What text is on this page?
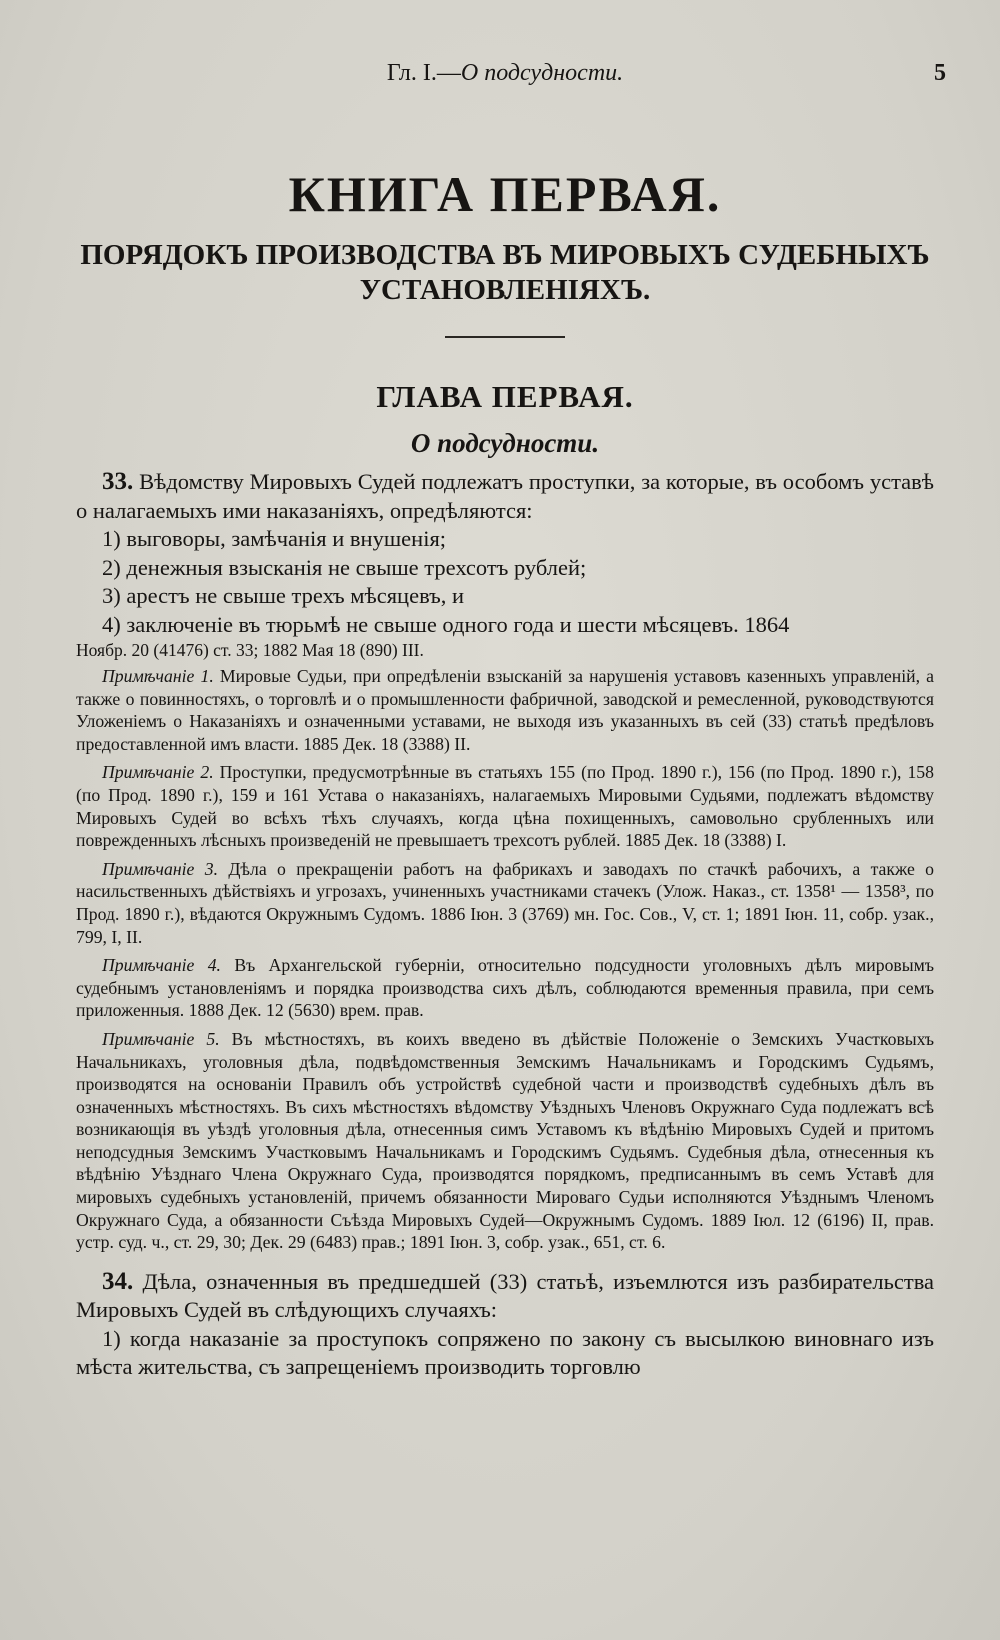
Гл. I.—О подсудности.	5
КНИГА ПЕРВАЯ.
ПОРЯДОКЪ ПРОИЗВОДСТВА ВЪ МИРОВЫХЪ СУДЕБНЫХЪ
УСТАНОВЛЕНІЯХЪ.
ГЛАВА ПЕРВАЯ.
О подсудности.

33. Вѣдомству Мировыхъ Судей подлежатъ проступки, за которые, въ особомъ уставѣ о налагаемыхъ ими наказаніяхъ, опредѣляются:

1) выговоры, замѣчанія и внушенія;
2) денежныя взысканія не свыше трехсотъ рублей;
3) арестъ не свыше трехъ мѣсяцевъ, и
4) заключеніе въ тюрьмѣ не свыше одного года и шести мѣсяцевъ. 1864
Ноябр. 20 (41476) ст. 33; 1882 Мая 18 (890) III.

Примѣчаніе 1. Мировые Судьи, при опредѣленіи взысканій за нарушенія уставовъ казенныхъ управленій, а также о повинностяхъ, о торговлѣ и о промышленности фабричной, заводской и ремесленной, руководствуются Уложеніемъ о Наказаніяхъ и означенными уставами, не выходя изъ указанныхъ въ сей (33) статьѣ предѣловъ предоставленной имъ власти. 1885 Дек. 18 (3388) II.

Примѣчаніе 2. Проступки, предусмотрѣнные въ статьяхъ 155 (по Прод. 1890 г.), 156 (по Прод. 1890 г.), 158 (по Прод. 1890 г.), 159 и 161 Устава о наказаніяхъ, налагаемыхъ Мировыми Судьями, подлежатъ вѣдомству Мировыхъ Судей во всѣхъ тѣхъ случаяхъ, когда цѣна похищенныхъ, самовольно срубленныхъ или поврежденныхъ лѣсныхъ произведеній не превышаетъ трехсотъ рублей. 1885 Дек. 18 (3388) I.

Примѣчаніе 3. Дѣла о прекращеніи работъ на фабрикахъ и заводахъ по стачкѣ рабочихъ, а также о насильственныхъ дѣйствіяхъ и угрозахъ, учиненныхъ участниками стачекъ (Улож. Наказ., ст. 1358¹ — 1358³, по Прод. 1890 г.), вѣдаются Окружнымъ Судомъ. 1886 Іюн. 3 (3769) мн. Гос. Сов., V, ст. 1; 1891 Іюн. 11, собр. узак., 799, I, II.

Примѣчаніе 4. Въ Архангельской губерніи, относительно подсудности уголовныхъ дѣлъ мировымъ судебнымъ установленіямъ и порядка производства сихъ дѣлъ, соблюдаются временныя правила, при семъ приложенныя. 1888 Дек. 12 (5630) врем. прав.

Примѣчаніе 5. Въ мѣстностяхъ, въ коихъ введено въ дѣйствіе Положеніе о Земскихъ Участковыхъ Начальникахъ, уголовныя дѣла, подвѣдомственныя Земскимъ Начальникамъ и Городскимъ Судьямъ, производятся на основаніи Правилъ объ устройствѣ судебной части и производствѣ судебныхъ дѣлъ въ означенныхъ мѣстностяхъ. Въ сихъ мѣстностяхъ вѣдомству Уѣздныхъ Членовъ Окружнаго Суда подлежатъ всѣ возникающія въ уѣздѣ уголовныя дѣла, отнесенныя симъ Уставомъ къ вѣдѣнію Мировыхъ Судей и притомъ неподсудныя Земскимъ Участковымъ Начальникамъ и Городскимъ Судьямъ. Судебныя дѣла, отнесенныя къ вѣдѣнію Уѣзднаго Члена Окружнаго Суда, производятся порядкомъ, предписаннымъ въ семъ Уставѣ для мировыхъ судебныхъ установленій, причемъ обязанности Мироваго Судьи исполняются Уѣзднымъ Членомъ Окружнаго Суда, а обязанности Съѣзда Мировыхъ Судей—Окружнымъ Судомъ. 1889 Іюл. 12 (6196) II, прав. устр. суд. ч., ст. 29, 30; Дек. 29 (6483) прав.; 1891 Іюн. 3, собр. узак., 651, ст. 6.

34. Дѣла, означенныя въ предшедшей (33) статьѣ, изъемлются изъ разбирательства Мировыхъ Судей въ слѣдующихъ случаяхъ:

1) когда наказаніе за проступокъ сопряжено по закону съ высылкою виновнаго изъ мѣста жительства, съ запрещеніемъ производить торговлю
